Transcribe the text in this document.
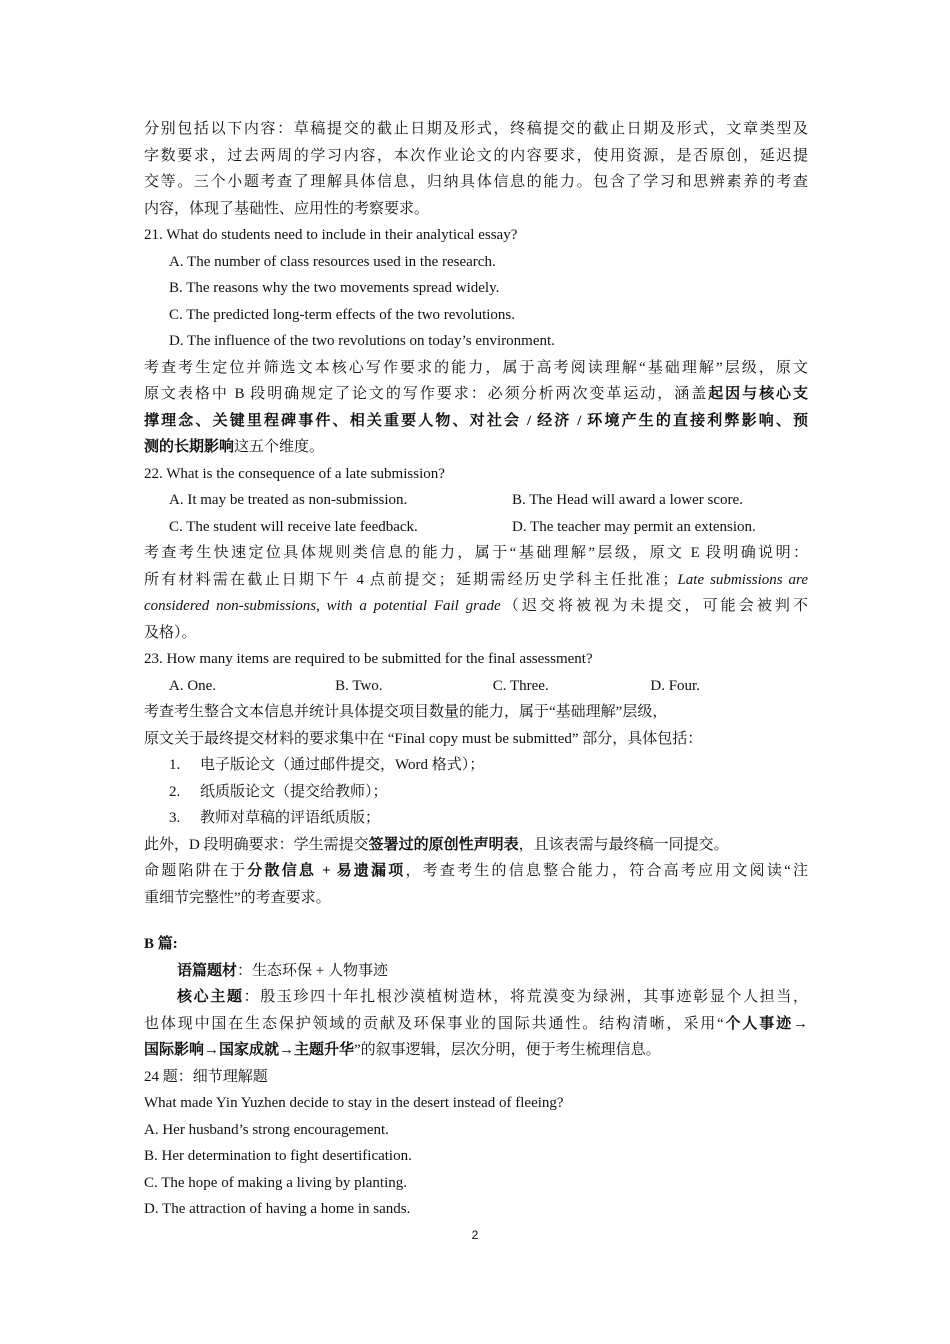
分别包括以下内容：草稿提交的截止日期及形式，终稿提交的截止日期及形式，文章类型及
字数要求，过去两周的学习内容，本次作业论文的内容要求，使用资源，是否原创，延迟提
交等。三个小题考查了理解具体信息，归纳具体信息的能力。包含了学习和思辨素养的考查
内容，体现了基础性、应用性的考察要求。
21. What do students need to include in their analytical essay?
A. The number of class resources used in the research.
B. The reasons why the two movements spread widely.
C. The predicted long-term effects of the two revolutions.
D. The influence of the two revolutions on today’s environment.
考查考生定位并筛选文本核心写作要求的能力，属于高考阅读理解“基础理解”层级，原文
原文表格中 B 段明确规定了论文的写作要求：必须分析两次变革运动，涵盖起因与核心支
撑理念、关键里程碑事件、相关重要人物、对社会 / 经济 / 环境产生的直接利弊影响、预
测的长期影响这五个维度。
22. What is the consequence of a late submission?
A. It may be treated as non-submission.	B. The Head will award a lower score.
C. The student will receive late feedback.	D. The teacher may permit an extension.
考查考生快速定位具体规则类信息的能力，属于“基础理解”层级，原文 E 段明确说明：
所有材料需在截止日期下午 4 点前提交；延期需经历史学科主任批准；Late submissions are
considered non-submissions, with a potential Fail grade（迟交将被视为未提交，可能会被判不
及格）。
23. How many items are required to be submitted for the final assessment?
A. One.	B. Two.	C. Three.	D. Four.
考查考生整合文本信息并统计具体提交项目数量的能力，属于“基础理解”层级，
原文关于最终提交材料的要求集中在 “Final copy must be submitted” 部分，具体包括：
1. 电子版论文（通过邮件提交，Word 格式）；
2. 纸质版论文（提交给教师）；
3. 教师对草稿的评语纸质版；
此外，D 段明确要求：学生需提交签署过的原创性声明表，且该表需与最终稿一同提交。
命题陷阱在于分散信息 + 易遗漏项，考查考生的信息整合能力，符合高考应用文阅读“注
重细节完整性”的考查要求。
B 篇:
语篇题材：生态环保 + 人物事迹
核心主题：殷玉珍四十年扎根沙漠植树造林，将荒漠变为绿洲，其事迹彰显个人担当，
也体现中国在生态保护领域的贡献及环保事业的国际共通性。结构清晰，采用“个人事迹→
国际影响→国家成就→主题升华”的叙事逻辑，层次分明，便于考生梳理信息。
24 题：细节理解题
What made Yin Yuzhen decide to stay in the desert instead of fleeing?
A. Her husband’s strong encouragement.
B. Her determination to fight desertification.
C. The hope of making a living by planting.
D. The attraction of having a home in sands.
2
